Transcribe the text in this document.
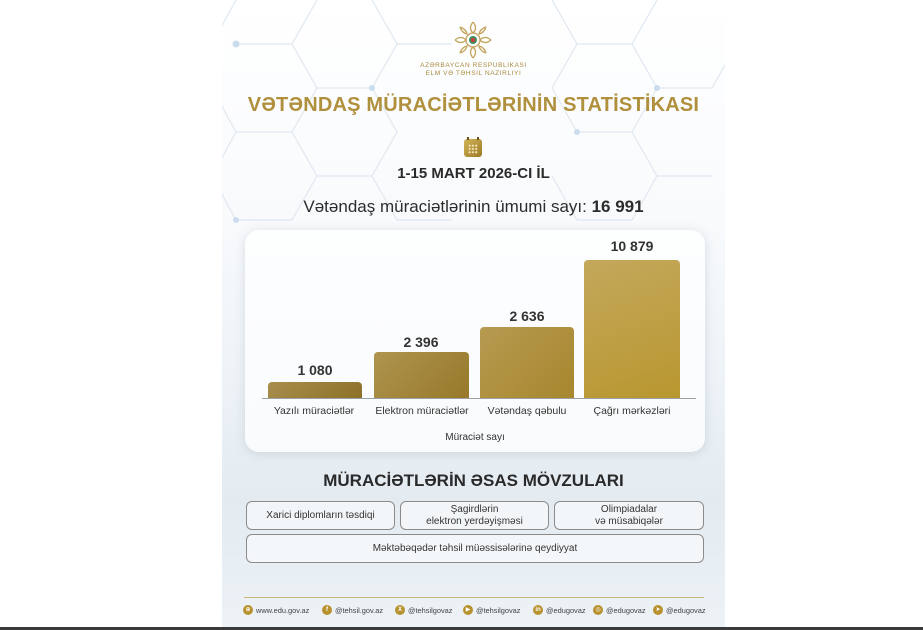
AZƏRBAYCAN RESPUBLIKASI
ELM VƏ TƏHSIL NAZIRLIYI
VƏTƏNDAŞ MÜRACİƏTLƏRİNİN STATİSTİKASI
1-15 MART 2026-CI İL
Vətəndaş müraciətlərinin ümumi sayı: 16 991
1 080
2 396
2 636
10 879
Yazılı müraciətlər	Elektron müraciətlər	Vətəndaş qəbulu	Çağrı mərkəzləri
Müraciət sayı
MÜRACİƏTLƏRİN ƏSAS MÖVZULARI
Xarici diplomların təsdiqi
Şagirdlərin
elektron yerdəyişməsi
Olimpiadalar
və müsabiqələr
Məktəbəqədər təhsil müəssisələrinə qeydiyyat
⊕ www.edu.gov.az	f @tehsil.gov.az	X @tehsilgovaz	▶ @tehsilgovaz	in @edugovaz	◎ @edugovaz	➤ @edugovaz
